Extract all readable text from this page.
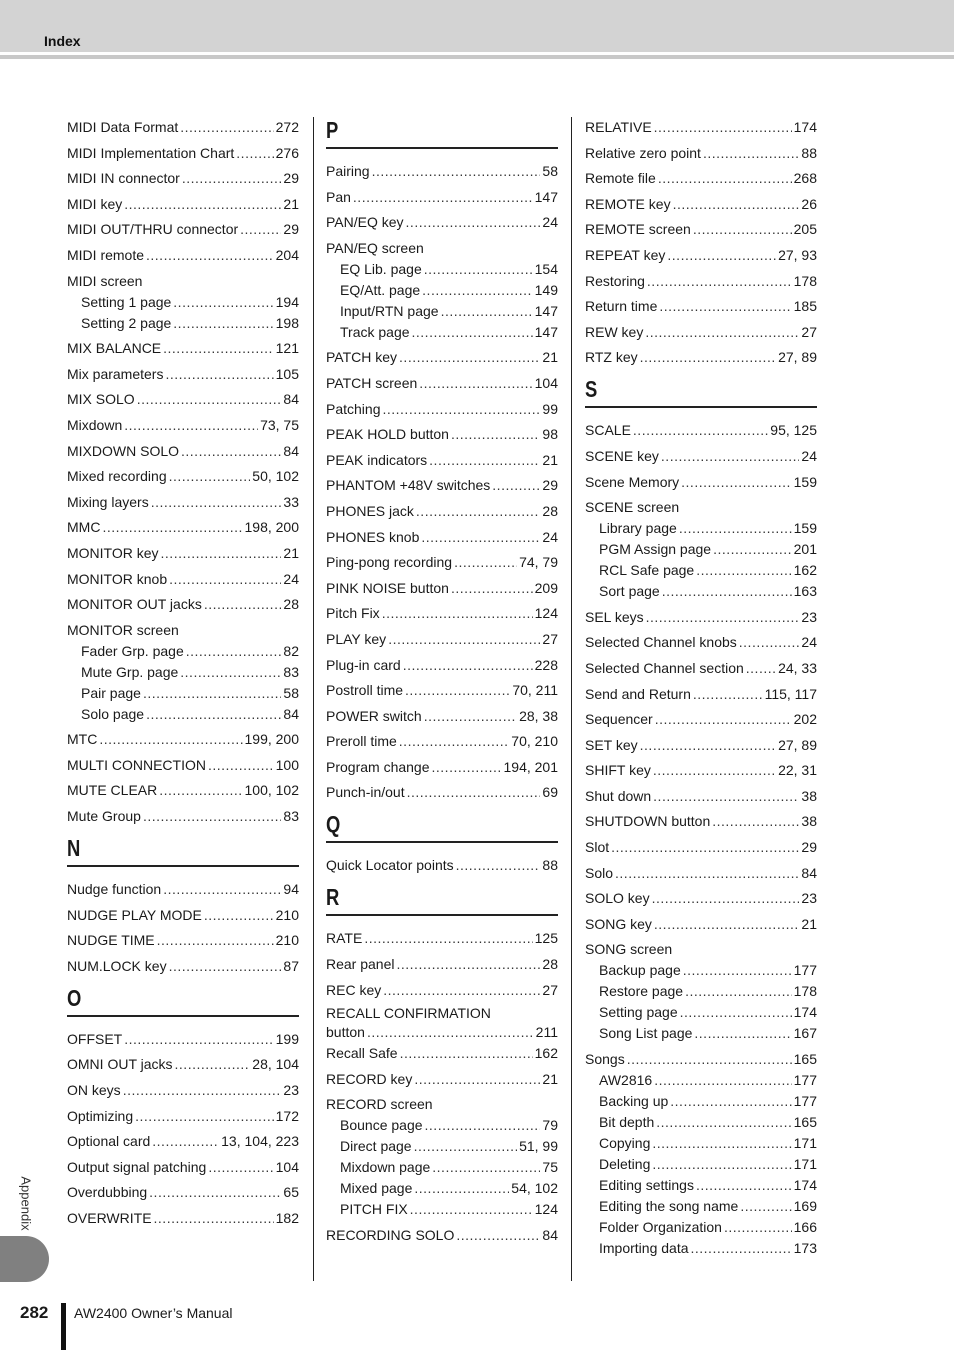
Index
MIDI Data Format .....	272
MIDI Implementation Chart .....	276
MIDI IN connector .....	29
MIDI key .....	21
MIDI OUT/THRU connector .....	29
MIDI remote .....	204
MIDI screen
Setting 1 page .....	194
Setting 2 page .....	198
MIX BALANCE .....	121
Mix parameters .....	105
MIX SOLO .....	84
Mixdown .....	73, 75
MIXDOWN SOLO .....	84
Mixed recording .....	50, 102
Mixing layers .....	33
MMC .....	198, 200
MONITOR key .....	21
MONITOR knob .....	24
MONITOR OUT jacks .....	28
MONITOR screen
Fader Grp. page .....	82
Mute Grp. page .....	83
Pair page .....	58
Solo page .....	84
MTC .....	199, 200
MULTI CONNECTION .....	100
MUTE CLEAR .....	100, 102
Mute Group .....	83
N
Nudge function .....	94
NUDGE PLAY MODE .....	210
NUDGE TIME .....	210
NUM.LOCK key .....	87
O
OFFSET .....	199
OMNI OUT jacks .....	28, 104
ON keys .....	23
Optimizing .....	172
Optional card .....	13, 104, 223
Output signal patching .....	104
Overdubbing .....	65
OVERWRITE .....	182
P
Pairing .....	58
Pan .....	147
PAN/EQ key .....	24
PAN/EQ screen
EQ Lib. page .....	154
EQ/Att. page .....	149
Input/RTN page .....	147
Track page .....	147
PATCH key .....	21
PATCH screen .....	104
Patching .....	99
PEAK HOLD button .....	98
PEAK indicators .....	21
PHANTOM +48V switches .....	29
PHONES jack .....	28
PHONES knob .....	24
Ping-pong recording .....	74, 79
PINK NOISE button .....	209
Pitch Fix .....	124
PLAY key .....	27
Plug-in card .....	228
Postroll time .....	70, 211
POWER switch .....	28, 38
Preroll time .....	70, 210
Program change .....	194, 201
Punch-in/out .....	69
Q
Quick Locator points .....	88
R
RATE .....	125
Rear panel .....	28
REC key .....	27
RECALL CONFIRMATION
button .....	211
Recall Safe .....	162
RECORD key .....	21
RECORD screen
Bounce page .....	79
Direct page .....	51, 99
Mixdown page .....	75
Mixed page .....	54, 102
PITCH FIX .....	124
RECORDING SOLO .....	84
RELATIVE .....	174
Relative zero point .....	88
Remote file .....	268
REMOTE key .....	26
REMOTE screen .....	205
REPEAT key .....	27, 93
Restoring .....	178
Return time .....	185
REW key .....	27
RTZ key .....	27, 89
S
SCALE .....	95, 125
SCENE key .....	24
Scene Memory .....	159
SCENE screen
Library page .....	159
PGM Assign page .....	201
RCL Safe page .....	162
Sort page .....	163
SEL keys .....	23
Selected Channel knobs .....	24
Selected Channel section ..... 24, 33
Send and Return .....	115, 117
Sequencer .....	202
SET key .....	27, 89
SHIFT key .....	22, 31
Shut down .....	38
SHUTDOWN button .....	38
Slot .....	29
Solo .....	84
SOLO key .....	23
SONG key .....	21
SONG screen
Backup page .....	177
Restore page .....	178
Setting page .....	174
Song List page .....	167
Songs .....	165
AW2816 .....	177
Backing up .....	177
Bit depth .....	165
Copying .....	171
Deleting .....	171
Editing settings .....	174
Editing the song name .....	169
Folder Organization .....	166
Importing data .....	173
Appendix
282 AW2400 Owner’s Manual
